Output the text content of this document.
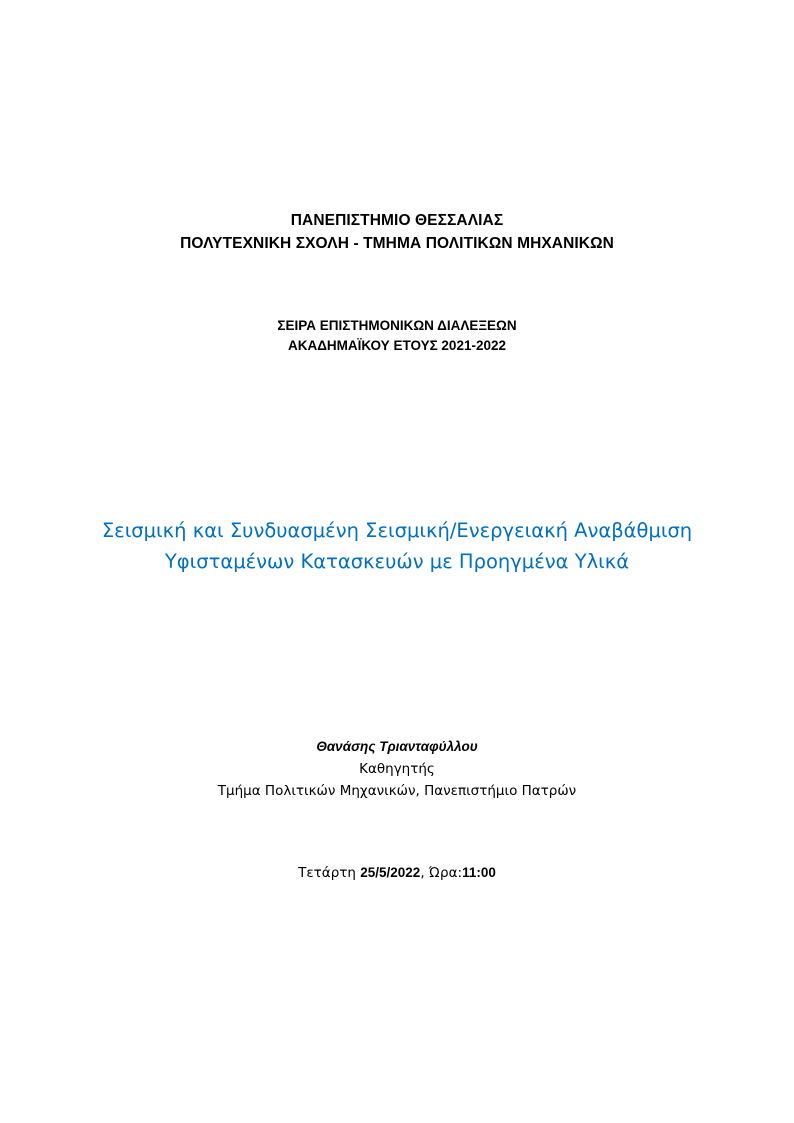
ΠΑΝΕΠΙΣΤΗΜΙΟ ΘΕΣΣΑΛΙΑΣ
ΠΟΛΥΤΕΧΝΙΚΗ ΣΧΟΛΗ - ΤΜΗΜΑ ΠΟΛΙΤΙΚΩΝ ΜΗΧΑΝΙΚΩΝ
ΣΕΙΡΑ ΕΠΙΣΤΗΜΟΝΙΚΩΝ ΔΙΑΛΕΞΕΩΝ
ΑΚΑΔΗΜΑΪΚΟΥ ΕΤΟΥΣ 2021-2022
Σεισμική και Συνδυασμένη Σεισμική/Ενεργειακή Αναβάθμιση
Υφισταμένων Κατασκευών με Προηγμένα Υλικά
Θανάσης Τριανταφύλλου
Καθηγητής
Τμήμα Πολιτικών Μηχανικών, Πανεπιστήμιο Πατρών
Τετάρτη 25/5/2022, Ώρα:11:00
